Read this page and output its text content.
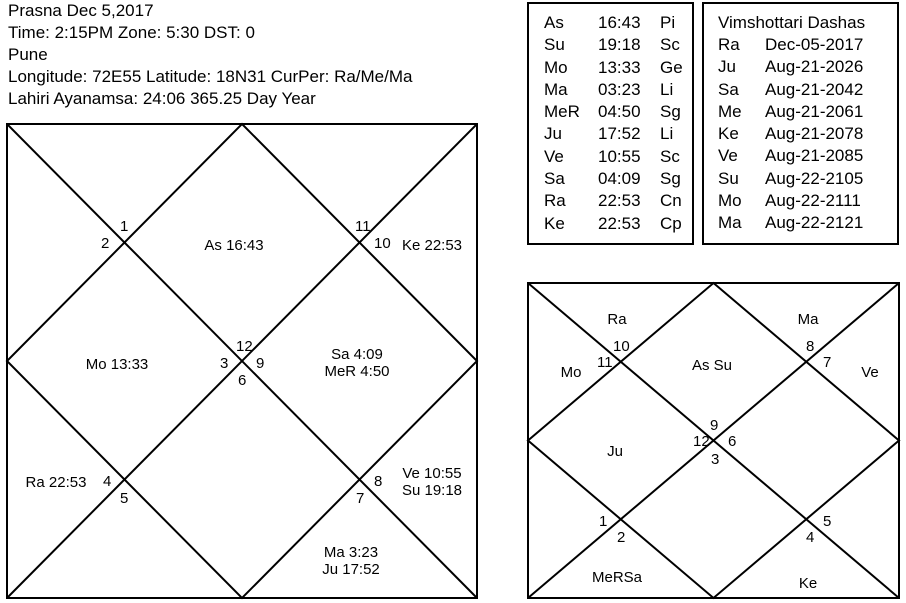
Prasna Dec 5,2017
Time: 2:15PM Zone: 5:30 DST: 0
Pune
Longitude: 72E55 Latitude: 18N31 CurPer: Ra/Me/Ma
Lahiri Ayanamsa: 24:06 365.25 Day Year
As	16:43	Pi
Su	19:18	Sc
Mo	13:33	Ge
Ma	03:23	Li
MeR	04:50	Sg
Ju	17:52	Li
Ve	10:55	Sc
Sa	04:09	Sg
Ra	22:53	Cn
Ke	22:53	Cp
Vimshottari Dashas
Ra	Dec-05-2017
Ju	Aug-21-2026
Sa	Aug-21-2042
Me	Aug-21-2061
Ke	Aug-21-2078
Ve	Aug-21-2085
Su	Aug-22-2105
Mo	Aug-22-2111
Ma	Aug-22-2121
1
2
11
10
12
3 9
6
4
5
8
7
As 16:43	Ke 22:53
Mo 13:33
Sa 4:09
MeR 4:50
Ra 22:53
Ve 10:55
Su 19:18
Ma 3:23
Ju 17:52
10
11
8
7
9
12 6
3
1
2
5
4
Ra
Mo
Ma
Ve
As Su
Ju
MeRSa	Ke
